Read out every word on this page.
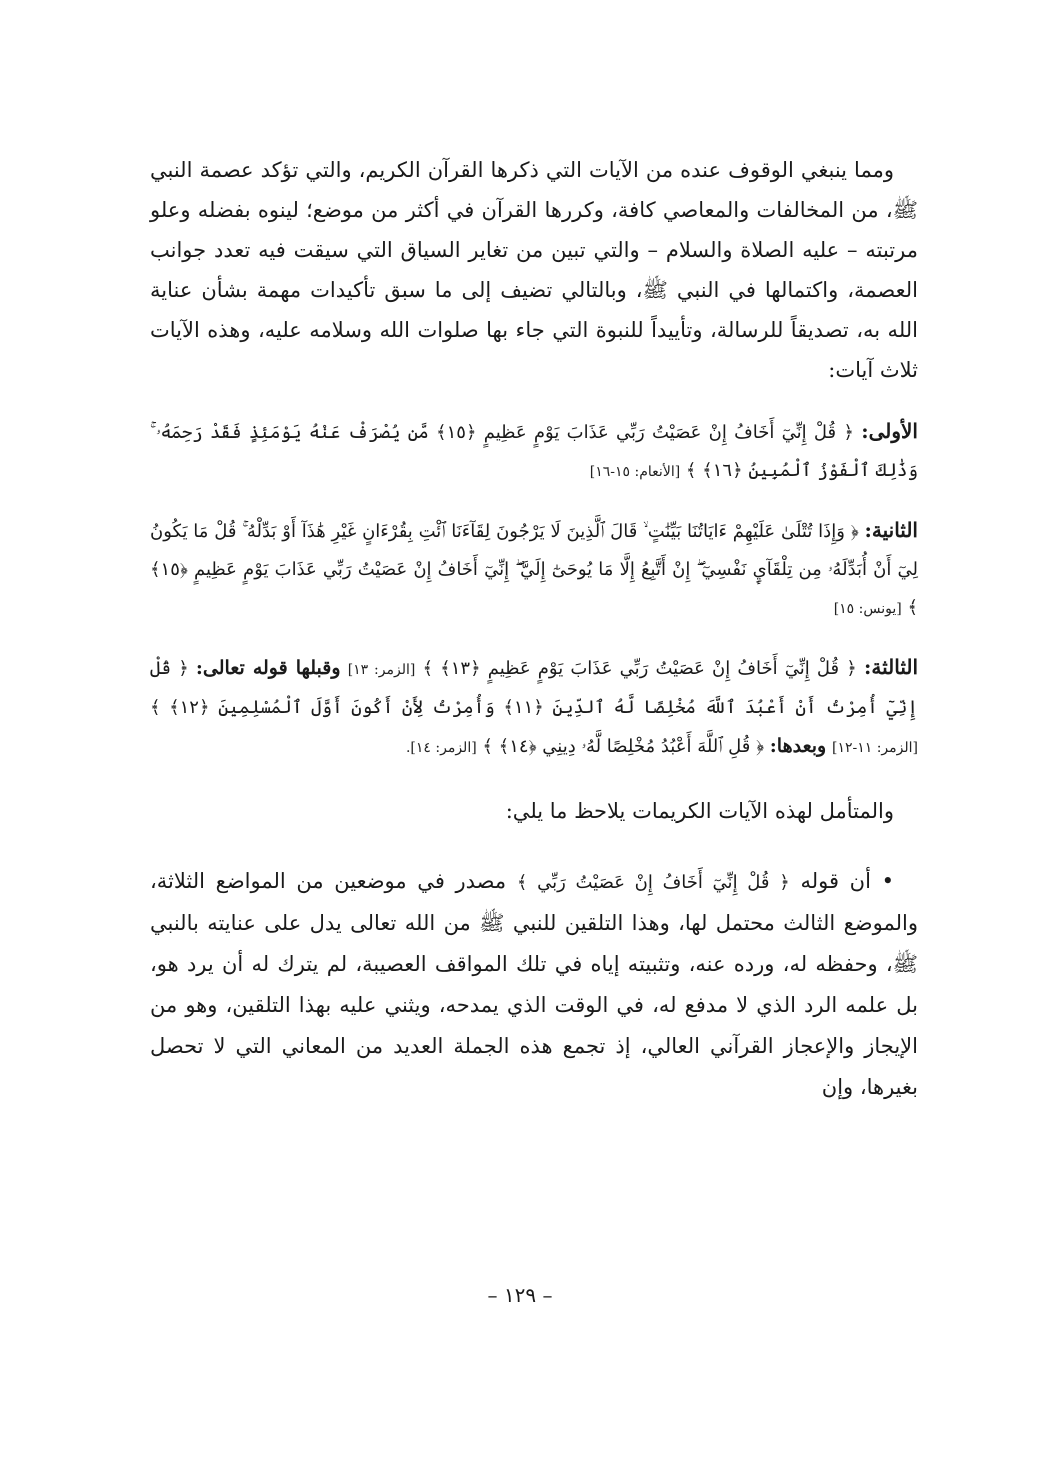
ومما ينبغي الوقوف عنده من الآيات التي ذكرها القرآن الكريم، والتي تؤكد عصمة النبي ﷺ، من المخالفات والمعاصي كافة، وكررها القرآن في أكثر من موضع؛ لينوه بفضله وعلو مرتبته – عليه الصلاة والسلام – والتي تبين من تغاير السياق التي سيقت فيه تعدد جوانب العصمة، واكتمالها في النبي ﷺ، وبالتالي تضيف إلى ما سبق تأكيدات مهمة بشأن عناية الله به، تصديقاً للرسالة، وتأييداً للنبوة التي جاء بها صلوات الله وسلامه عليه، وهذه الآيات ثلاث آيات:

الأولى: ﴿ قُلْ إِنِّيٓ أَخَافُ إِنْ عَصَيْتُ رَبِّي عَذَابَ يَوْمٍ عَظِيمٍ ﴿١٥﴾ مَّن يُصْرَفْ عَنْهُ يَوْمَئِذٍ فَقَدْ رَحِمَهُۥ ۚ وَذَٰلِكَ ٱلْفَوْزُ ٱلْمُبِينُ ﴿١٦﴾ ﴾ [الأنعام: ١٥-١٦]

الثانية: ﴿ وَإِذَا تُتْلَىٰ عَلَيْهِمْ ءَايَاتُنَا بَيِّنَٰتٍ ۙ قَالَ ٱلَّذِينَ لَا يَرْجُونَ لِقَآءَنَا ٱئْتِ بِقُرْءَانٍ غَيْرِ هَٰذَآ أَوْ بَدِّلْهُ ۚ قُلْ مَا يَكُونُ لِيٓ أَنْ أُبَدِّلَهُۥ مِن تِلْقَآيِٕ نَفْسِيٓ ۖ إِنْ أَتَّبِعُ إِلَّا مَا يُوحَىٰٓ إِلَيَّ ۖ إِنِّيٓ أَخَافُ إِنْ عَصَيْتُ رَبِّي عَذَابَ يَوْمٍ عَظِيمٍ ﴿١٥﴾ ﴾ [يونس: ١٥]

الثالثة: ﴿ قُلْ إِنِّيٓ أَخَافُ إِنْ عَصَيْتُ رَبِّي عَذَابَ يَوْمٍ عَظِيمٍ ﴿١٣﴾ ﴾ [الزمر: ١٣] وقبلها قوله تعالى: ﴿ قُلْ إِنِّيٓ أُمِرْتُ أَنْ أَعْبُدَ ٱللَّهَ مُخْلِصًا لَّهُ ٱلدِّينَ ﴿١١﴾ وَأُمِرْتُ لِأَنْ أَكُونَ أَوَّلَ ٱلْمُسْلِمِينَ ﴿١٢﴾ ﴾ [الزمر: ١١-١٢] وبعدها: ﴿ قُلِ ٱللَّهَ أَعْبُدُ مُخْلِصًا لَّهُۥ دِينِي ﴿١٤﴾ ﴾ [الزمر: ١٤].

والمتأمل لهذه الآيات الكريمات يلاحظ ما يلي:

• أن قوله ﴿ قُلْ إِنِّيٓ أَخَافُ إِنْ عَصَيْتُ رَبِّي ﴾ مصدر في موضعين من المواضع الثلاثة، والموضع الثالث محتمل لها، وهذا التلقين للنبي ﷺ من الله تعالى يدل على عنايته بالنبي ﷺ، وحفظه له، ورده عنه، وتثبيته إياه في تلك المواقف العصيبة، لم يترك له أن يرد هو، بل علمه الرد الذي لا مدفع له، في الوقت الذي يمدحه، ويثني عليه بهذا التلقين، وهو من الإيجاز والإعجاز القرآني العالي، إذ تجمع هذه الجملة العديد من المعاني التي لا تحصل بغيرها، وإن

– ١٢٩ –
